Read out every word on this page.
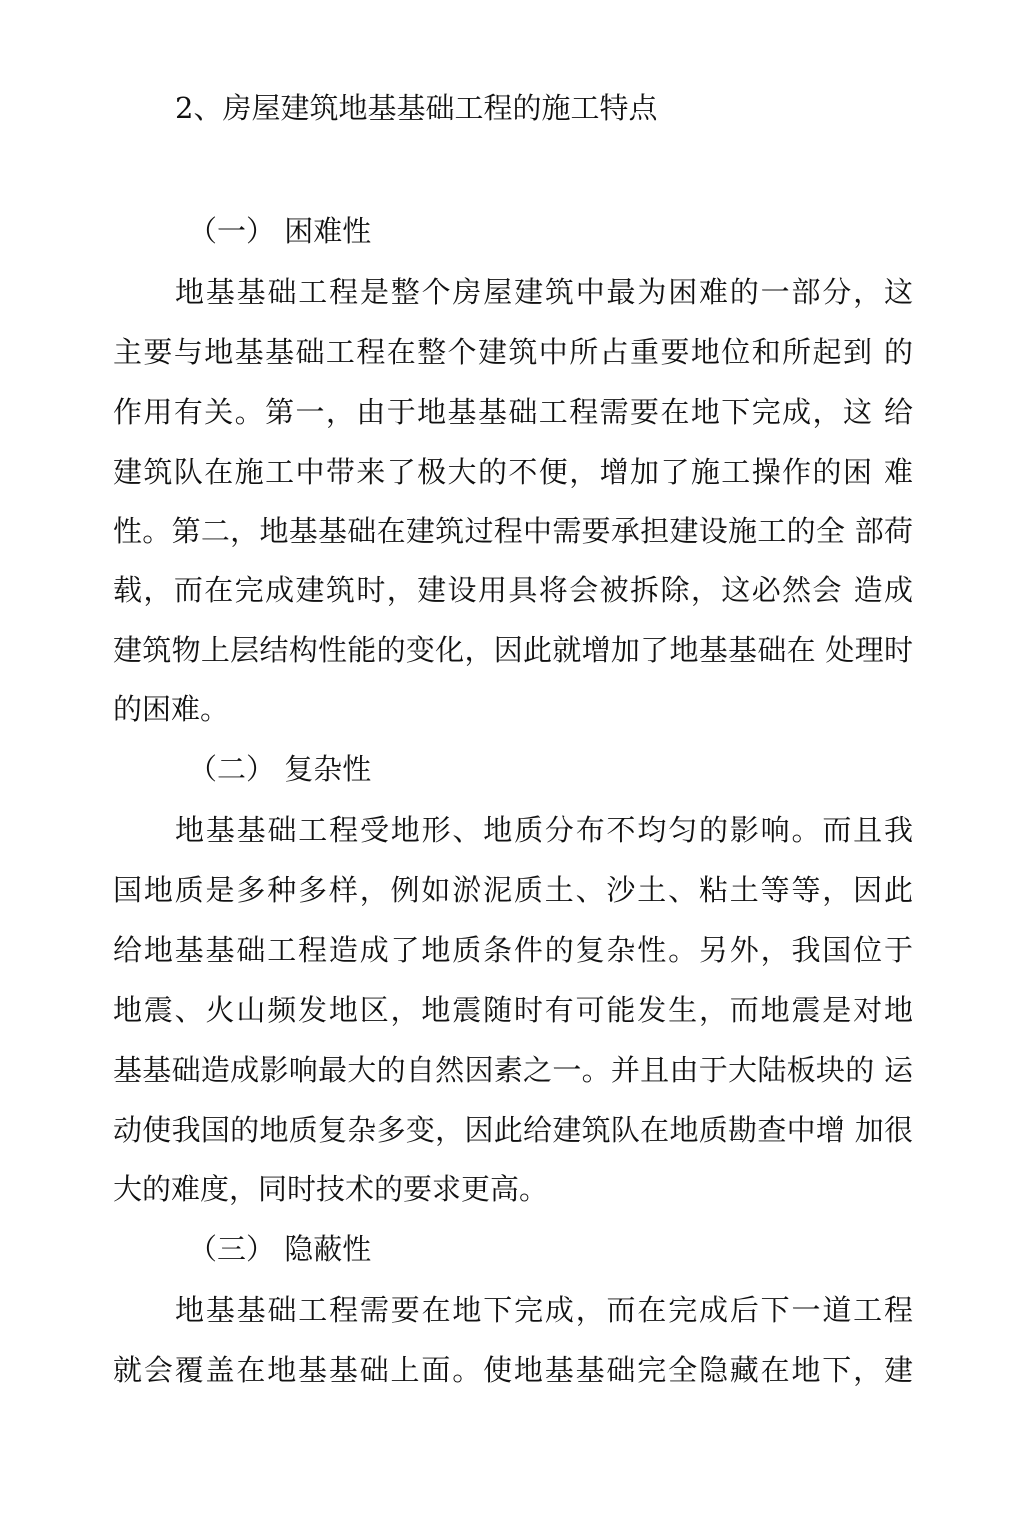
2、房屋建筑地基基础工程的施工特点
（一） 困难性
地基基础工程是整个房屋建筑中最为困难的一部分，这
主要与地基基础工程在整个建筑中所占重要地位和所起到 的
作用有关。第一，由于地基基础工程需要在地下完成，这 给
建筑队在施工中带来了极大的不便，增加了施工操作的困 难
性。第二，地基基础在建筑过程中需要承担建设施工的全 部荷
载，而在完成建筑时，建设用具将会被拆除，这必然会 造成
建筑物上层结构性能的变化，因此就增加了地基基础在 处理时
的困难。
（二） 复杂性
地基基础工程受地形、地质分布不均匀的影响。而且我
国地质是多种多样，例如淤泥质土、沙土、粘土等等，因此
给地基基础工程造成了地质条件的复杂性。另外，我国位于
地震、火山频发地区，地震随时有可能发生，而地震是对地
基基础造成影响最大的自然因素之一。并且由于大陆板块的 运
动使我国的地质复杂多变，因此给建筑队在地质勘查中增 加很
大的难度，同时技术的要求更高。
（三） 隐蔽性
地基基础工程需要在地下完成，而在完成后下一道工程
就会覆盖在地基基础上面。使地基基础完全隐藏在地下，建
